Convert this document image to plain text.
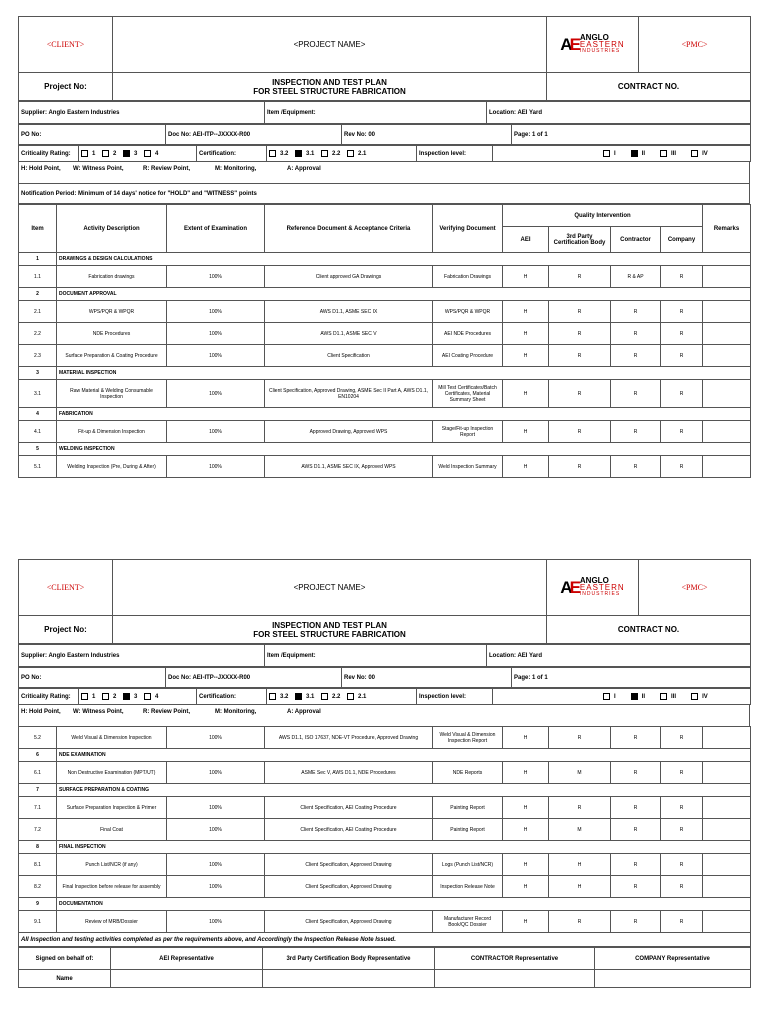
<CLIENT>	<PROJECT NAME>	AE ANGLO
EASTERN
INDUSTRIES	<PMC>
Project No:	INSPECTION AND TEST PLAN
FOR STEEL STRUCTURE FABRICATION	CONTRACT NO.	
Supplier: Anglo Eastern Industries	Item /Equipment:	Location: AEI Yard
PO No:	Doc No: AEI-ITP--JXXXX-R00	Rev No: 00	Page: 1 of 1
Criticality Rating:	1	2	3	4	Certification:	3.2	3.1	2.2	2.1	Inspection level:	I	II	III	IV
H: Hold Point, W: Witness Point,	R: Review Point,	M: Monitoring,	A: Approval
Notification Period: Minimum of 14 days' notice for "HOLD" and "WITNESS" points
Item	Activity Description	Extent of Examination	Reference Document & Acceptance Criteria	Verifying Document	Quality Intervention				Remarks
					AEI	3rd Party Certification Body	Contractor	Company	
1	DRAWINGS & DESIGN CALCULATIONS								
1.1	Fabrication drawings	100%	Client approved GA Drawings	Fabrication Drawings	H	R	R & AP	R	
2	DOCUMENT APPROVAL								
2.1	WPS/PQR & WPQR	100%	AWS D1.1, ASME SEC IX	WPS/PQR & WPQR	H	R	R	R	
2.2	NDE Procedures	100%	AWS D1.1, ASME SEC V	AEI NDE Procedures	H	R	R	R	
2.3	Surface Preparation & Coating Procedure	100%	Client Specification	AEI Coating Procedure	H	R	R	R	
3	MATERIAL INSPECTION								
3.1	Raw Material & Welding Consumable Inspection	100%	Client Specification, Approved Drawing, ASME Sec II Part A, AWS D1.1, EN10204	Mill Test Certificates/Batch Certificates, Material Summary Sheet	H	R	R	R	
4	FABRICATION								
4.1	Fit-up & Dimension Inspection	100%	Approved Drawing, Approved WPS	Stage/Fit-up Inspection Report	H	R	R	R	
5	WELDING INSPECTION								
5.1	Welding Inspection (Pre, During & After)	100%	AWS D1.1, ASME SEC IX, Approved WPS	Weld Inspection Summary	H	R	R	R	
<CLIENT>	<PROJECT NAME>	AE ANGLO
EASTERN
INDUSTRIES	<PMC>
Project No:	INSPECTION AND TEST PLAN
FOR STEEL STRUCTURE FABRICATION	CONTRACT NO.	
Supplier: Anglo Eastern Industries	Item /Equipment:	Location: AEI Yard
PO No:	Doc No: AEI-ITP--JXXXX-R00	Rev No: 00	Page: 1 of 1
Criticality Rating:	1	2	3	4	Certification:	3.2	3.1	2.2	2.1	Inspection level:	I	II	III	IV
H: Hold Point, W: Witness Point,	R: Review Point,	M: Monitoring,	A: Approval
5.2	Weld Visual & Dimension Inspection	100%	AWS D1.1, ISO 17637, NDE-VT Procedure, Approved Drawing	Weld Visual & Dimension Inspection Report	H	R	R	R	
6	NDE EXAMINATION								
6.1	Non Destructive Examination (MPT/UT)	100%	ASME Sec V, AWS D1.1, NDE Procedures	NDE Reports	H	M	R	R	
7	SURFACE PREPARATION & COATING								
7.1	Surface Preparation Inspection & Primer	100%	Client Specification, AEI Coating Procedure	Painting Report	H	R	R	R	
7.2	Final Coat	100%	Client Specification, AEI Coating Procedure	Painting Report	H	M	R	R	
8	FINAL INSPECTION								
8.1	Punch List/NCR (if any)	100%	Client Specification, Approved Drawing	Logs (Punch List/NCR)	H	H	R	R	
8.2	Final Inspection before release for assembly	100%	Client Specification, Approved Drawing	Inspection Release Note	H	H	R	R	
9	DOCUMENTATION								
9.1	Review of MRB/Dossier	100%	Client Specification, Approved Drawing	Manufacturer Record Book/QC Dossier	H	R	R	R	
All Inspection and testing activities completed as per the requirements above, and Accordingly the Inspection Release Note Issued.									
Signed on behalf of:	AEI Representative	3rd Party Certification Body Representative	CONTRACTOR Representative	COMPANY Representative
Name				
